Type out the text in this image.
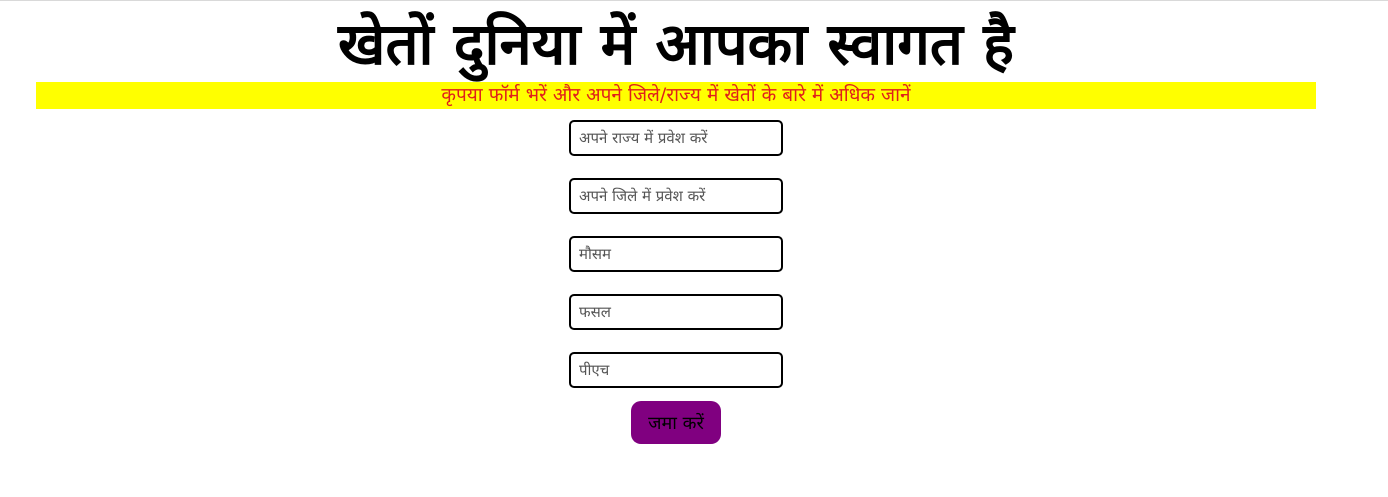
खेतों दुनिया में आपका स्वागत है
कृपया फॉर्म भरें और अपने जिले/राज्य में खेतों के बारे में अधिक जानें
अपने राज्य में प्रवेश करें
अपने जिले में प्रवेश करें
मौसम
फसल
पीएच
जमा करें
